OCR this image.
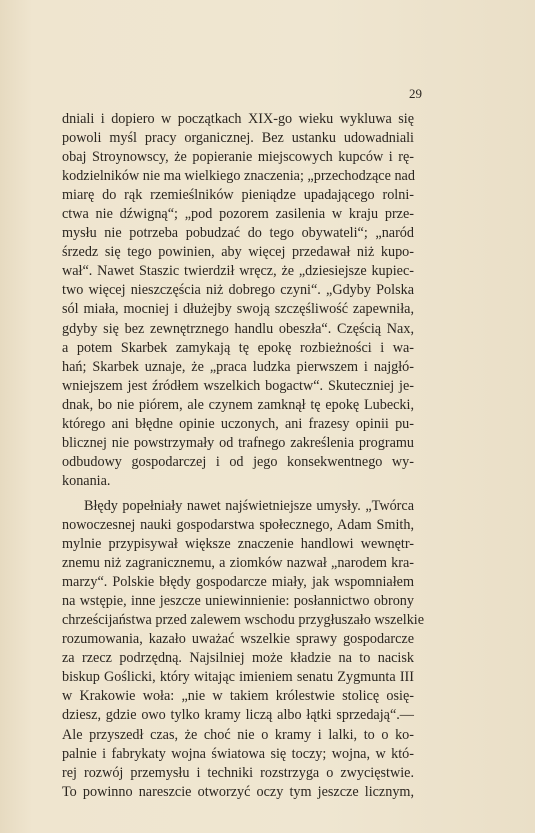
29

dniali i dopiero w początkach XIX-go wieku wykluwa się
powoli myśl pracy organicznej. Bez ustanku udowadniali
obaj Stroynowscy, że popieranie miejscowych kupców i rę-
kodzielników nie ma wielkiego znaczenia; „przechodzące nad
miarę do rąk rzemieślników pieniądze upadającego rolni-
ctwa nie dźwigną“; „pod pozorem zasilenia w kraju prze-
mysłu nie potrzeba pobudzać do tego obywateli“; „naród
śrzedz się tego powinien, aby więcej przedawał niż kupo-
wał“. Nawet Staszic twierdził wręcz, że „dziesiejsze kupiec-
two więcej nieszczęścia niż dobrego czyni“. „Gdyby Polska
sól miała, mocniej i dłużejby swoją szczęśliwość zapewniła,
gdyby się bez zewnętrznego handlu obeszła“. Częścią Nax,
a potem Skarbek zamykają tę epokę rozbieżności i wa-
hań; Skarbek uznaje, że „praca ludzka pierwszem i najgłó-
wniejszem jest źródłem wszelkich bogactw“. Skuteczniej je-
dnak, bo nie piórem, ale czynem zamknął tę epokę Lubecki,
którego ani błędne opinie uczonych, ani frazesy opinii pu-
blicznej nie powstrzymały od trafnego zakreślenia programu
odbudowy gospodarczej i od jego konsekwentnego wy-
konania.

Błędy popełniały nawet najświetniejsze umysły. „Twórca
nowoczesnej nauki gospodarstwa społecznego, Adam Smith,
mylnie przypisywał większe znaczenie handlowi wewnętr-
znemu niż zagranicznemu, a ziomków nazwał „narodem kra-
marzy“. Polskie błędy gospodarcze miały, jak wspomniałem
na wstępie, inne jeszcze uniewinnienie: posłannictwo obrony
chrześcijaństwa przed zalewem wschodu przygłuszało wszelkie
rozumowania, kazało uważać wszelkie sprawy gospodarcze
za rzecz podrzędną. Najsilniej może kładzie na to nacisk
biskup Goślicki, który witając imieniem senatu Zygmunta III
w Krakowie woła: „nie w takiem królestwie stolicę osię-
dziesz, gdzie owo tylko kramy liczą albo łątki sprzedają“.—
Ale przyszedł czas, że choć nie o kramy i lalki, to o ko-
palnie i fabrykaty wojna światowa się toczy; wojna, w któ-
rej rozwój przemysłu i techniki rozstrzyga o zwycięstwie.
To powinno nareszcie otworzyć oczy tym jeszcze licznym,
